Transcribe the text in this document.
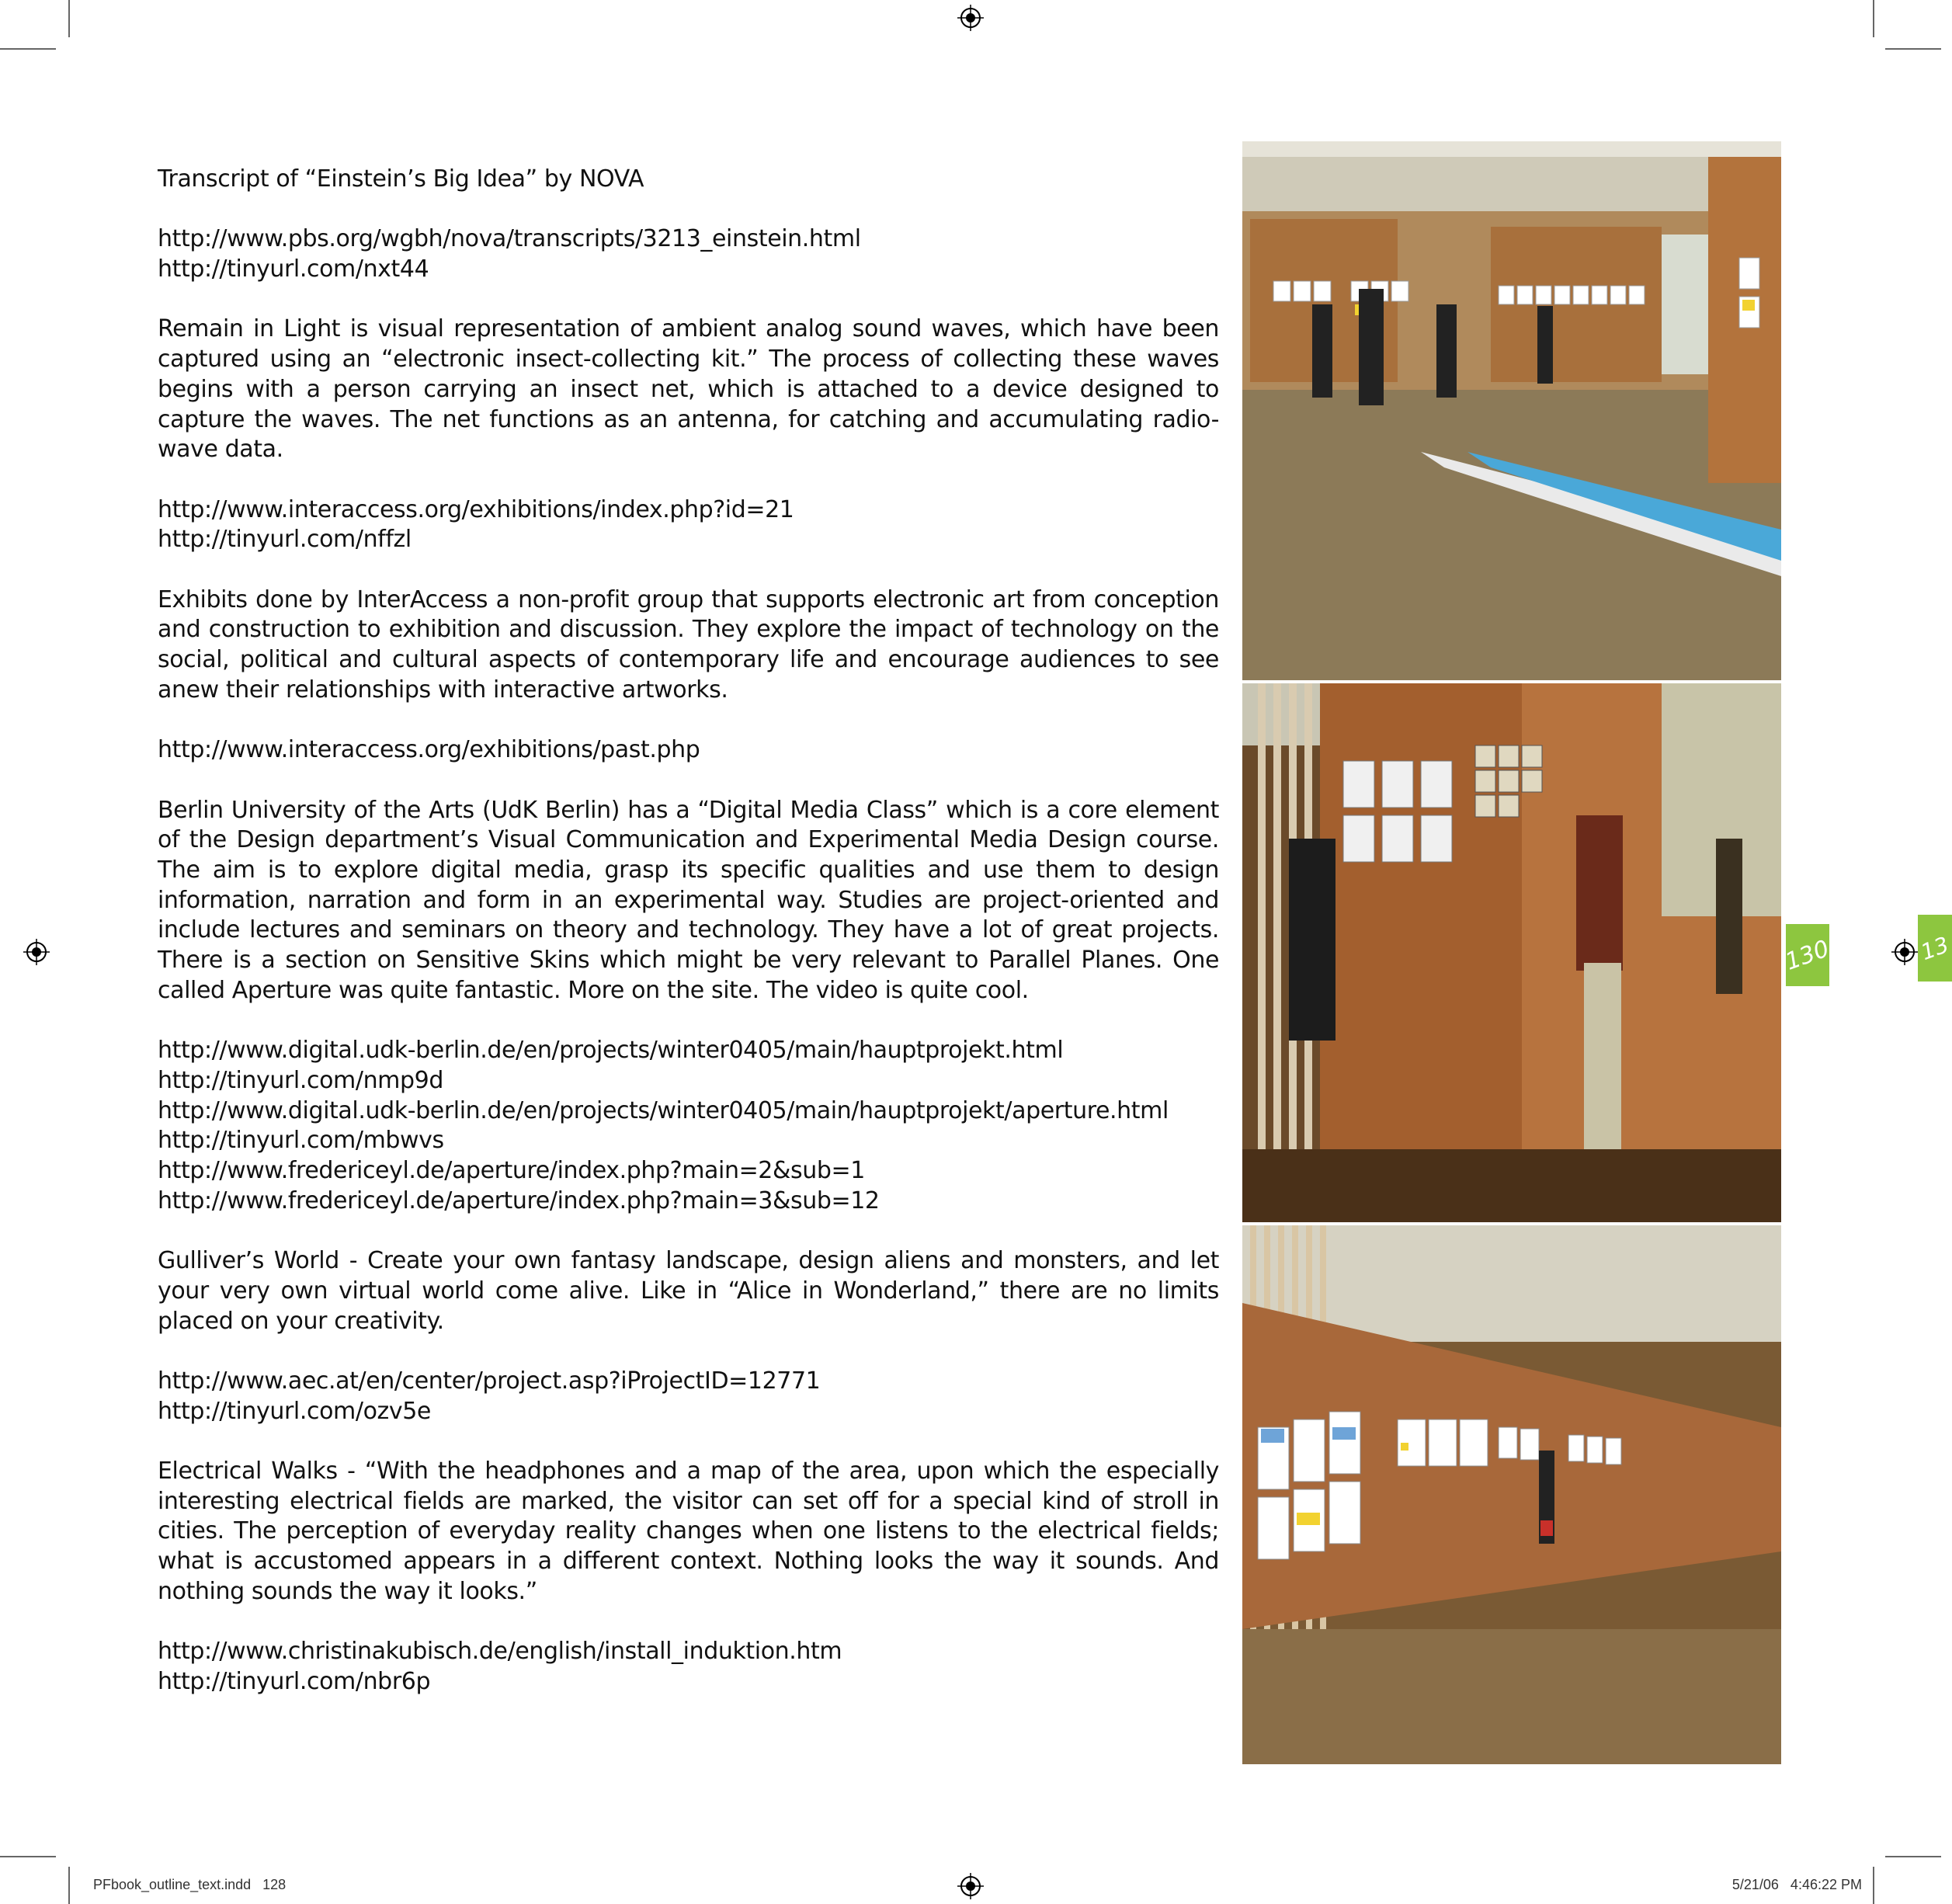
Transcript of “Einstein’s Big Idea” by NOVA

http://www.pbs.org/wgbh/nova/transcripts/3213_einstein.html
http://tinyurl.com/nxt44

Remain in Light is visual representation of ambient analog sound waves, which have been captured using an “electronic insect-collecting kit.” The process of collecting these waves begins with a person carrying an insect net, which is attached to a device designed to capture the waves. The net functions as an antenna, for catching and accumulating radio-wave data.

http://www.interaccess.org/exhibitions/index.php?id=21
http://tinyurl.com/nffzl

Exhibits done by InterAccess a non-profit group that supports electronic art from conception and construction to exhibition and discussion. They explore the impact of technology on the social, political and cultural aspects of contemporary life and encourage audiences to see anew their relationships with interactive artworks.

http://www.interaccess.org/exhibitions/past.php

Berlin University of the Arts (UdK Berlin) has a “Digital Media Class” which is a core element of the Design department’s Visual Communication and Experimental Media Design course. The aim is to explore digital media, grasp its specific qualities and use them to design information, narration and form in an experimental way. Studies are project-oriented and include lectures and seminars on theory and technology. They have a lot of great projects. There is a section on Sensitive Skins which might be very relevant to Parallel Planes. One called Aperture was quite fantastic. More on the site. The video is quite cool.

http://www.digital.udk-berlin.de/en/projects/winter0405/main/hauptprojekt.html
http://tinyurl.com/nmp9d
http://www.digital.udk-berlin.de/en/projects/winter0405/main/hauptprojekt/aperture.html
http://tinyurl.com/mbwvs
http://www.fredericeyl.de/aperture/index.php?main=2&sub=1
http://www.fredericeyl.de/aperture/index.php?main=3&sub=12

Gulliver’s World - Create your own fantasy landscape, design aliens and monsters, and let your very own virtual world come alive. Like in “Alice in Wonderland,” there are no limits placed on your creativity.

http://www.aec.at/en/center/project.asp?iProjectID=12771
http://tinyurl.com/ozv5e

Electrical Walks - “With the headphones and a map of the area, upon which the especially interesting electrical fields are marked, the visitor can set off for a special kind of stroll in cities. The perception of everyday reality changes when one listens to the electrical fields; what is accustomed appears in a different context. Nothing looks the way it sounds. And nothing sounds the way it looks.”

http://www.christinakubisch.de/english/install_induktion.htm
http://tinyurl.com/nbr6p

130	13
PFbook_outline_text.indd   128	5/21/06   4:46:22 PM
